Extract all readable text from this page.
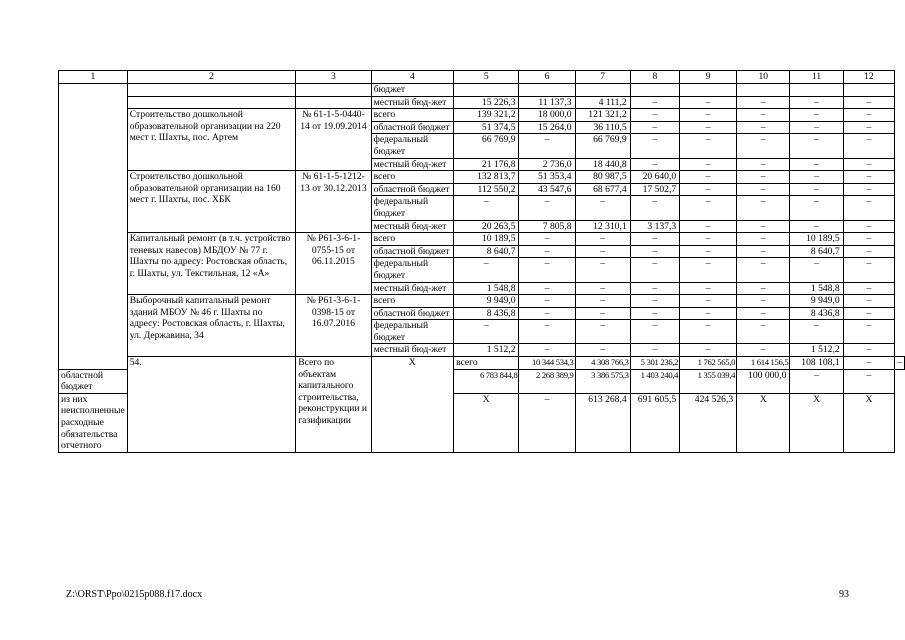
1	2	3	4	5	6	7	8	9	10	11	12	
			бюджет									
			местный бюд-жет	15 226,3	11 137,3	4 111,2	–	–	–	–	–	
	Строительство дошкольной образовательной организации на 220 мест г. Шахты, пос. Артем	№ 61-1-5-0440-14 от 19.09.2014	всего	139 321,2	18 000,0	121 321,2	–	–	–	–	–	
			областной бюджет	51 374,5	15 264,0	36 110,5	–	–	–	–	–	
			федеральный бюджет	66 769,9	–	66 769,9	–	–	–	–	–	
			местный бюд-жет	21 176,8	2 736,0	18 440,8	–	–	–	–	–	
	Строительство дошкольной образовательной организации на 160 мест г. Шахты, пос. ХБК	№ 61-1-5-1212-13 от 30.12.2013	всего	132 813,7	51 353,4	80 987,5	20 640,0	–	–	–	–	
			областной бюджет	112 550,2	43 547,6	68 677,4	17 502,7	–	–	–	–	
			федеральный бюджет	–	–	–	–	–	–	–	–	
			местный бюд-жет	20 263,5	7 805,8	12 310,1	3 137,3	–	–	–	–	
	Капитальный ремонт (в т.ч. устройство теневых навесов) МБДОУ № 77 г. Шахты по адресу: Ростовская область, г. Шахты, ул. Текстильная, 12 «А»	№ Р61-3-6-1-0755-15 от 06.11.2015	всего	10 189,5	–	–	–	–	–	10 189,5	–	
			областной бюджет	8 640,7	–	–	–	–	–	8 640,7	–	
			федеральный бюджет	–	–	–	–	–	–	–	–	
			местный бюд-жет	1 548,8	–	–	–	–	–	1 548,8	–	
	Выборочный капитальный ремонт зданий МБОУ № 46 г. Шахты по адресу: Ростовская область, г. Шахты, ул. Державина, 34	№ Р61-3-6-1-0398-15 от 16.07.2016	всего	9 949,0	–	–	–	–	–	9 949,0	–	
			областной бюджет	8 436,8	–	–	–	–	–	8 436,8	–	
			федеральный бюджет	–	–	–	–	–	–	–	–	
			местный бюд-жет	1 512,2	–	–	–	–	–	1 512,2	–	
	54.	Всего по объектам капитального строительства, реконструкции и газификации	X	всего	10 344 534,3	4 308 766,3	5 301 236,2	1 762 565,0	1 614 156,5	108 108,1	–	–
областной бюджет				6 783 844,8	2 268 389,9	3 386 575,3	1 403 240,4	1 355 039,4	100 000,0	–	–	
из них неисполненные расходные обязательства отчетного				X	–	613 268,4	691 605,5	424 526,3	X	X	X	
Z:\ORST\Ppo\0215p088.f17.docx	93
